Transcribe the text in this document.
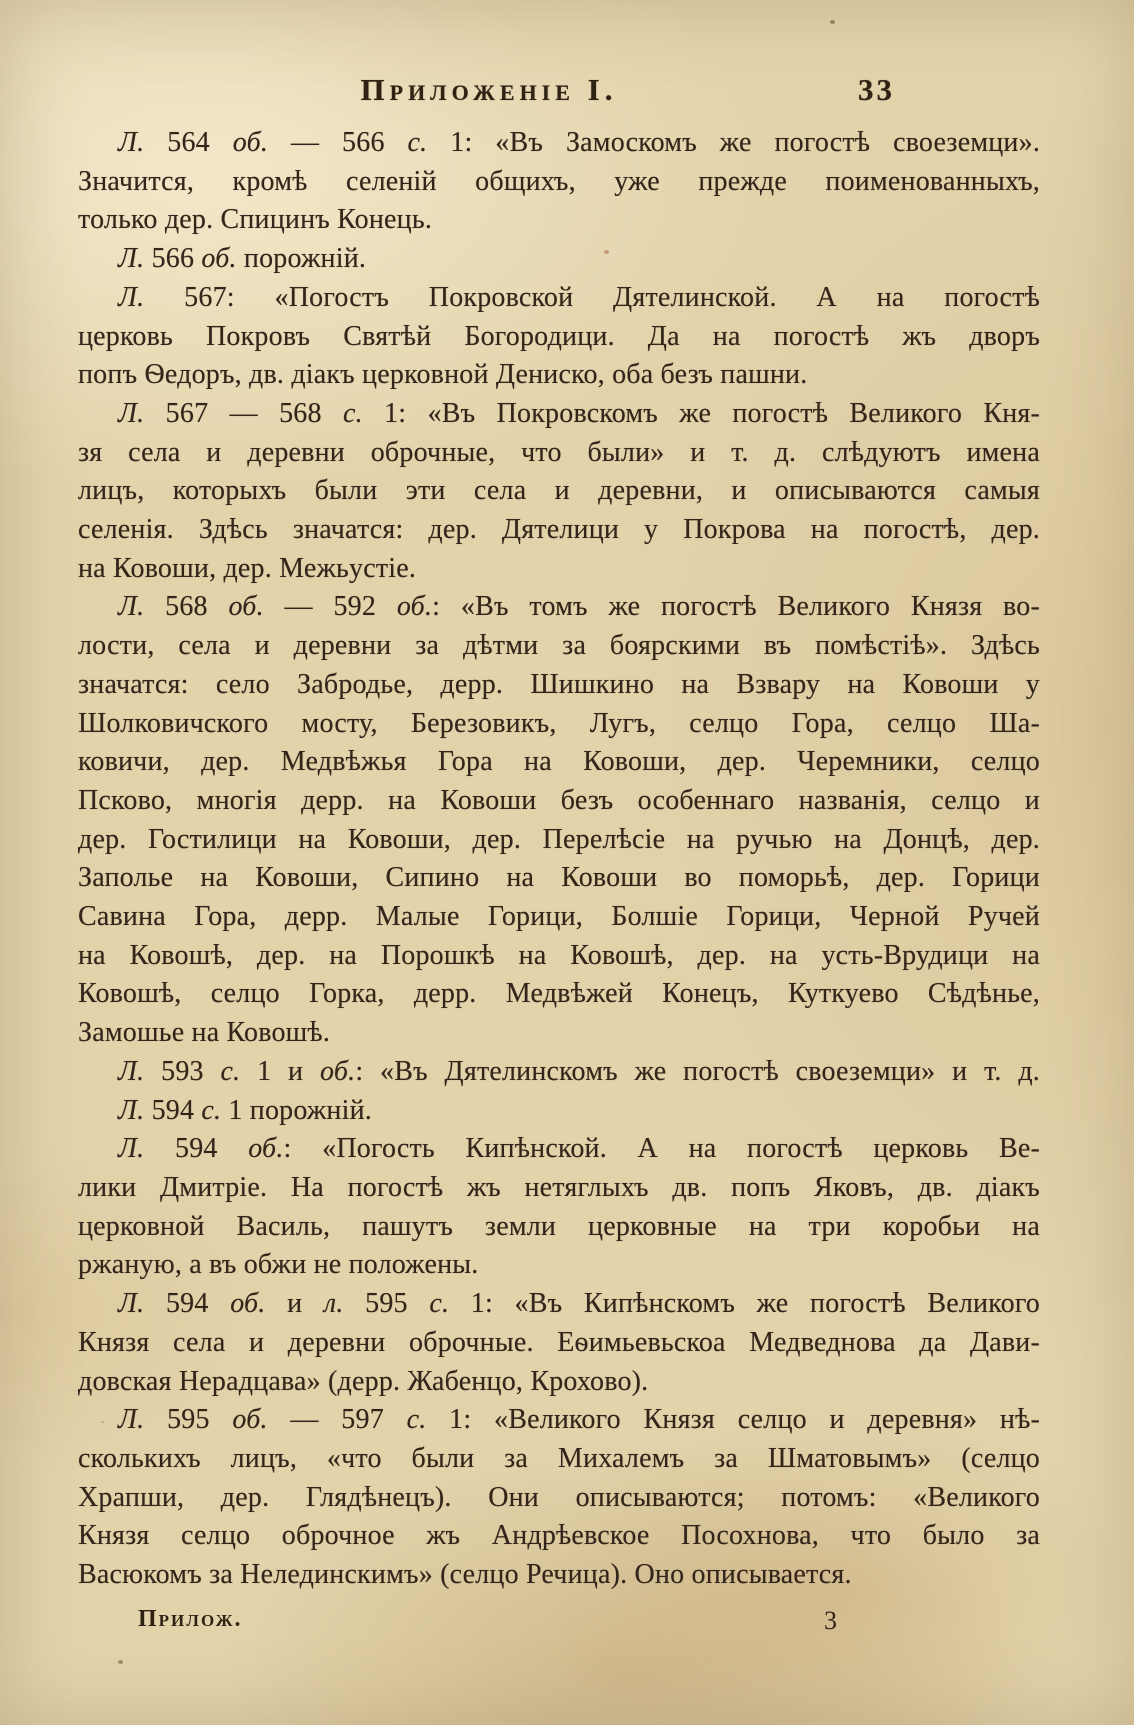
Приложеніе I.	33
Л. 564 об. — 566 с. 1: «Въ Замоскомъ же погостѣ своеземци».
Значится, кромѣ селеній общихъ, уже прежде поименованныхъ,
только дер. Спицинъ Конець.
Л. 566 об. порожній.
Л. 567: «Погостъ Покровской Дятелинской. А на погостѣ
церковь Покровъ Святѣй Богородици. Да на погостѣ жъ дворъ
попъ Ѳедоръ, дв. діакъ церковной Дениско, оба безъ пашни.
Л. 567 — 568 с. 1: «Въ Покровскомъ же погостѣ Великого Кня-
зя села и деревни оброчные, что были» и т. д. слѣдуютъ имена
лицъ, которыхъ были эти села и деревни, и описываются самыя
селенія. Здѣсь значатся: дер. Дятелици у Покрова на погостѣ, дер.
на Ковоши, дер. Межьустіе.
Л. 568 об. — 592 об.: «Въ томъ же погостѣ Великого Князя во-
лости, села и деревни за дѣтми за боярскими въ помѣстіѣ». Здѣсь
значатся: село Забродье, дерр. Шишкино на Взвару на Ковоши у
Шолковичского мосту, Березовикъ, Лугъ, селцо Гора, селцо Ша-
ковичи, дер. Медвѣжья Гора на Ковоши, дер. Черемники, селцо
Псково, многія дерр. на Ковоши безъ особеннаго названія, селцо и
дер. Гостилици на Ковоши, дер. Перелѣсіе на ручью на Донцѣ, дер.
Заполье на Ковоши, Сипино на Ковоши во поморьѣ, дер. Горици
Савина Гора, дерр. Малые Горици, Болшіе Горици, Черной Ручей
на Ковошѣ, дер. на Порошкѣ на Ковошѣ, дер. на усть-Врудици на
Ковошѣ, селцо Горка, дерр. Медвѣжей Конецъ, Куткуево Сѣдѣнье,
Замошье на Ковошѣ.
Л. 593 с. 1 и об.: «Въ Дятелинскомъ же погостѣ своеземци» и т. д.
Л. 594 с. 1 порожній.
Л. 594 об.: «Погость Кипѣнской. А на погостѣ церковь Ве-
лики Дмитріе. На погостѣ жъ нетяглыхъ дв. попъ Яковъ, дв. діакъ
церковной Василь, пашутъ земли церковные на три коробьи на
ржаную, а въ обжи не положены.
Л. 594 об. и л. 595 с. 1: «Въ Кипѣнскомъ же погостѣ Великого
Князя села и деревни оброчные. Еѳимьевьскоа Медведнова да Дави-
довская Нерадцава» (дерр. Жабенцо, Крохово).
Л. 595 об. — 597 с. 1: «Великого Князя селцо и деревня» нѣ-
сколькихъ лицъ, «что были за Михалемъ за Шматовымъ» (селцо
Храпши, дер. Глядѣнецъ). Они описываются; потомъ: «Великого
Князя селцо оброчное жъ Андрѣевское Посохнова, что было за
Васюкомъ за Нелединскимъ» (селцо Речица). Оно описывается.
Прилож.	3
